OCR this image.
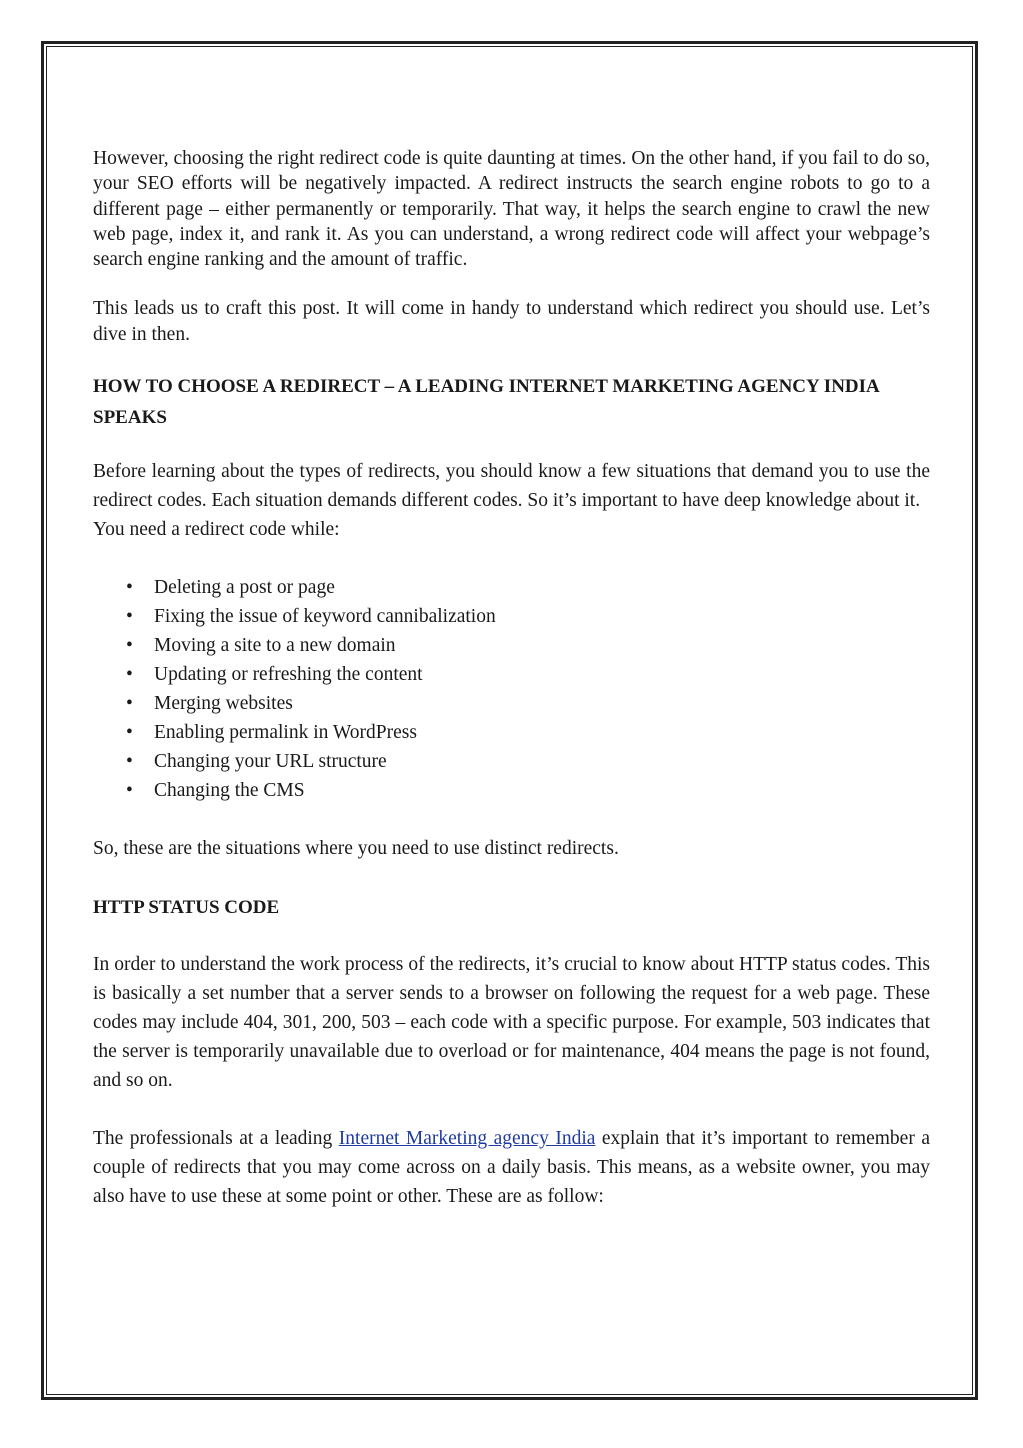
However, choosing the right redirect code is quite daunting at times. On the other hand, if you fail to do so, your SEO efforts will be negatively impacted. A redirect instructs the search engine robots to go to a different page – either permanently or temporarily. That way, it helps the search engine to crawl the new web page, index it, and rank it. As you can understand, a wrong redirect code will affect your webpage’s search engine ranking and the amount of traffic.

This leads us to craft this post. It will come in handy to understand which redirect you should use. Let’s dive in then.

HOW TO CHOOSE A REDIRECT – A LEADING INTERNET MARKETING AGENCY INDIA SPEAKS

Before learning about the types of redirects, you should know a few situations that demand you to use the redirect codes. Each situation demands different codes. So it’s important to have deep knowledge about it.

You need a redirect code while:

• Deleting a post or page
• Fixing the issue of keyword cannibalization
• Moving a site to a new domain
• Updating or refreshing the content
• Merging websites
• Enabling permalink in WordPress
• Changing your URL structure
• Changing the CMS

So, these are the situations where you need to use distinct redirects.

HTTP STATUS CODE

In order to understand the work process of the redirects, it’s crucial to know about HTTP status codes. This is basically a set number that a server sends to a browser on following the request for a web page. These codes may include 404, 301, 200, 503 – each code with a specific purpose. For example, 503 indicates that the server is temporarily unavailable due to overload or for maintenance, 404 means the page is not found, and so on.

The professionals at a leading Internet Marketing agency India explain that it’s important to remember a couple of redirects that you may come across on a daily basis. This means, as a website owner, you may also have to use these at some point or other. These are as follow:
